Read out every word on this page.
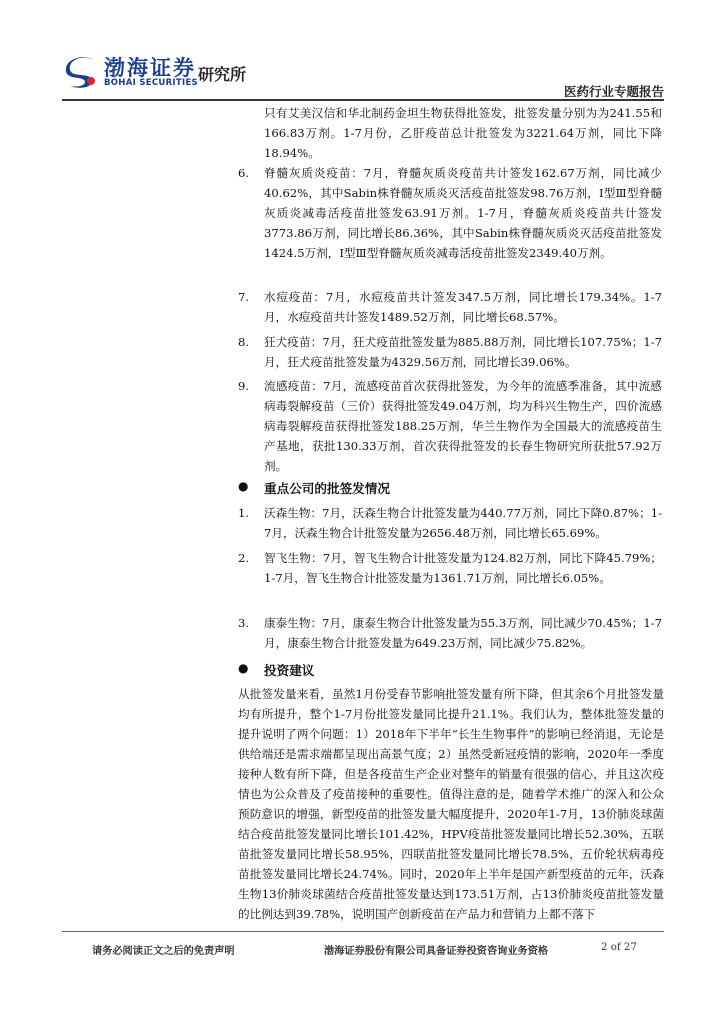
渤海证券
BOHAI SECURITIES 研究所
医药行业专题报告
只有艾美汉信和华北制药金坦生物获得批签发，批签发量分别为为241.55和166.83万剂。1-7月份，乙肝疫苗总计批签发为3221.64万剂，同比下降18.94%。
6. 脊髓灰质炎疫苗：7月，脊髓灰质炎疫苗共计签发162.67万剂，同比减少40.62%，其中Sabin株脊髓灰质炎灭活疫苗批签发98.76万剂，Ⅰ型Ⅲ型脊髓灰质炎减毒活疫苗批签发63.91万剂。1-7月，脊髓灰质炎疫苗共计签发3773.86万剂，同比增长86.36%，其中Sabin株脊髓灰质炎灭活疫苗批签发1424.5万剂，Ⅰ型Ⅲ型脊髓灰质炎减毒活疫苗批签发2349.40万剂。
7. 水痘疫苗：7月，水痘疫苗共计签发347.5万剂，同比增长179.34%。1-7月，水痘疫苗共计签发1489.52万剂，同比增长68.57%。
8. 狂犬疫苗：7月，狂犬疫苗批签发量为885.88万剂，同比增长107.75%；1-7月，狂犬疫苗批签发量为4329.56万剂，同比增长39.06%。
9. 流感疫苗：7月，流感疫苗首次获得批签发，为今年的流感季准备，其中流感病毒裂解疫苗（三价）获得批签发49.04万剂，均为科兴生物生产，四价流感病毒裂解疫苗获得批签发188.25万剂，华兰生物作为全国最大的流感疫苗生产基地，获批130.33万剂，首次获得批签发的长春生物研究所获批57.92万剂。
● 重点公司的批签发情况
1. 沃森生物：7月，沃森生物合计批签发量为440.77万剂，同比下降0.87%；1-7月，沃森生物合计批签发量为2656.48万剂，同比增长65.69%。
2. 智飞生物：7月，智飞生物合计批签发量为124.82万剂，同比下降45.79%；1-7月，智飞生物合计批签发量为1361.71万剂，同比增长6.05%。
3. 康泰生物：7月，康泰生物合计批签发量为55.3万剂，同比减少70.45%；1-7月，康泰生物合计批签发量为649.23万剂，同比减少75.82%。
● 投资建议
从批签发量来看，虽然1月份受春节影响批签发量有所下降，但其余6个月批签发量均有所提升，整个1-7月份批签发量同比提升21.1%。我们认为，整体批签发量的提升说明了两个问题：1）2018年下半年“长生生物事件”的影响已经消退，无论是供给端还是需求端都呈现出高景气度；2）虽然受新冠疫情的影响，2020年一季度接种人数有所下降，但是各疫苗生产企业对整年的销量有很强的信心，并且这次疫情也为公众普及了疫苗接种的重要性。值得注意的是，随着学术推广的深入和公众预防意识的增强，新型疫苗的批签发量大幅度提升，2020年1-7月，13价肺炎球菌结合疫苗批签发量同比增长101.42%，HPV疫苗批签发量同比增长52.30%，五联苗批签发量同比增长58.95%，四联苗批签发量同比增长78.5%，五价轮状病毒疫苗批签发量同比增长24.74%。同时，2020年上半年是国产新型疫苗的元年，沃森生物13价肺炎球菌结合疫苗批签发量达到173.51万剂，占13价肺炎疫苗批签发量的比例达到39.78%，说明国产创新疫苗在产品力和营销力上都不落下
请务必阅读正文之后的免责声明	渤海证券股份有限公司具备证券投资咨询业务资格	2 of 27
